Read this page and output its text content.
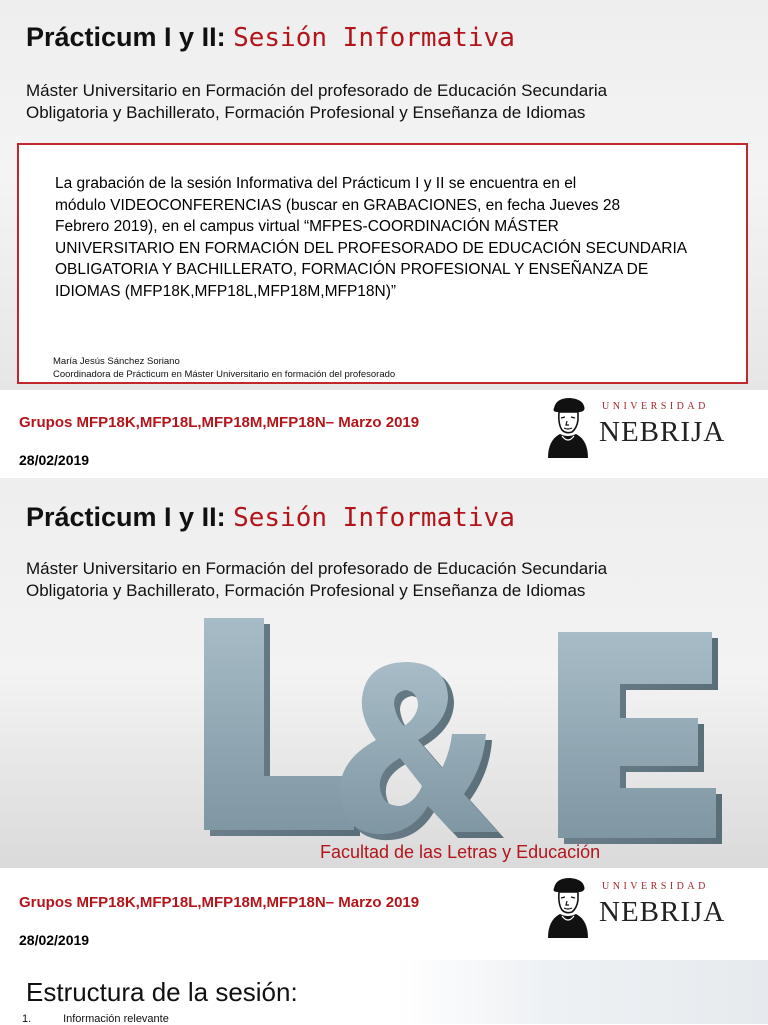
Prácticum I y II: Sesión Informativa
Máster Universitario en Formación del profesorado de Educación Secundaria
Obligatoria y Bachillerato, Formación Profesional y Enseñanza de Idiomas
La grabación de la sesión Informativa del Prácticum I y II se encuentra en el
módulo VIDEOCONFERENCIAS (buscar en GRABACIONES, en fecha Jueves 28
Febrero 2019), en el campus virtual “MFPES-COORDINACIÓN MÁSTER
UNIVERSITARIO EN FORMACIÓN DEL PROFESORADO DE EDUCACIÓN SECUNDARIA
OBLIGATORIA Y BACHILLERATO, FORMACIÓN PROFESIONAL Y ENSEÑANZA DE
IDIOMAS (MFP18K,MFP18L,MFP18M,MFP18N)”
María Jesús Sánchez Soriano
Coordinadora de Prácticum en Máster Universitario en formación del profesorado
Grupos MFP18K,MFP18L,MFP18M,MFP18N– Marzo 2019
28/02/2019
UNIVERSIDAD
NEBRIJA
Prácticum I y II: Sesión Informativa
Máster Universitario en Formación del profesorado de Educación Secundaria
Obligatoria y Bachillerato, Formación Profesional y Enseñanza de Idiomas
Facultad de las Letras y Educación
Grupos MFP18K,MFP18L,MFP18M,MFP18N– Marzo 2019
28/02/2019
UNIVERSIDAD
NEBRIJA
Estructura de la sesión:
1.	Información relevante
